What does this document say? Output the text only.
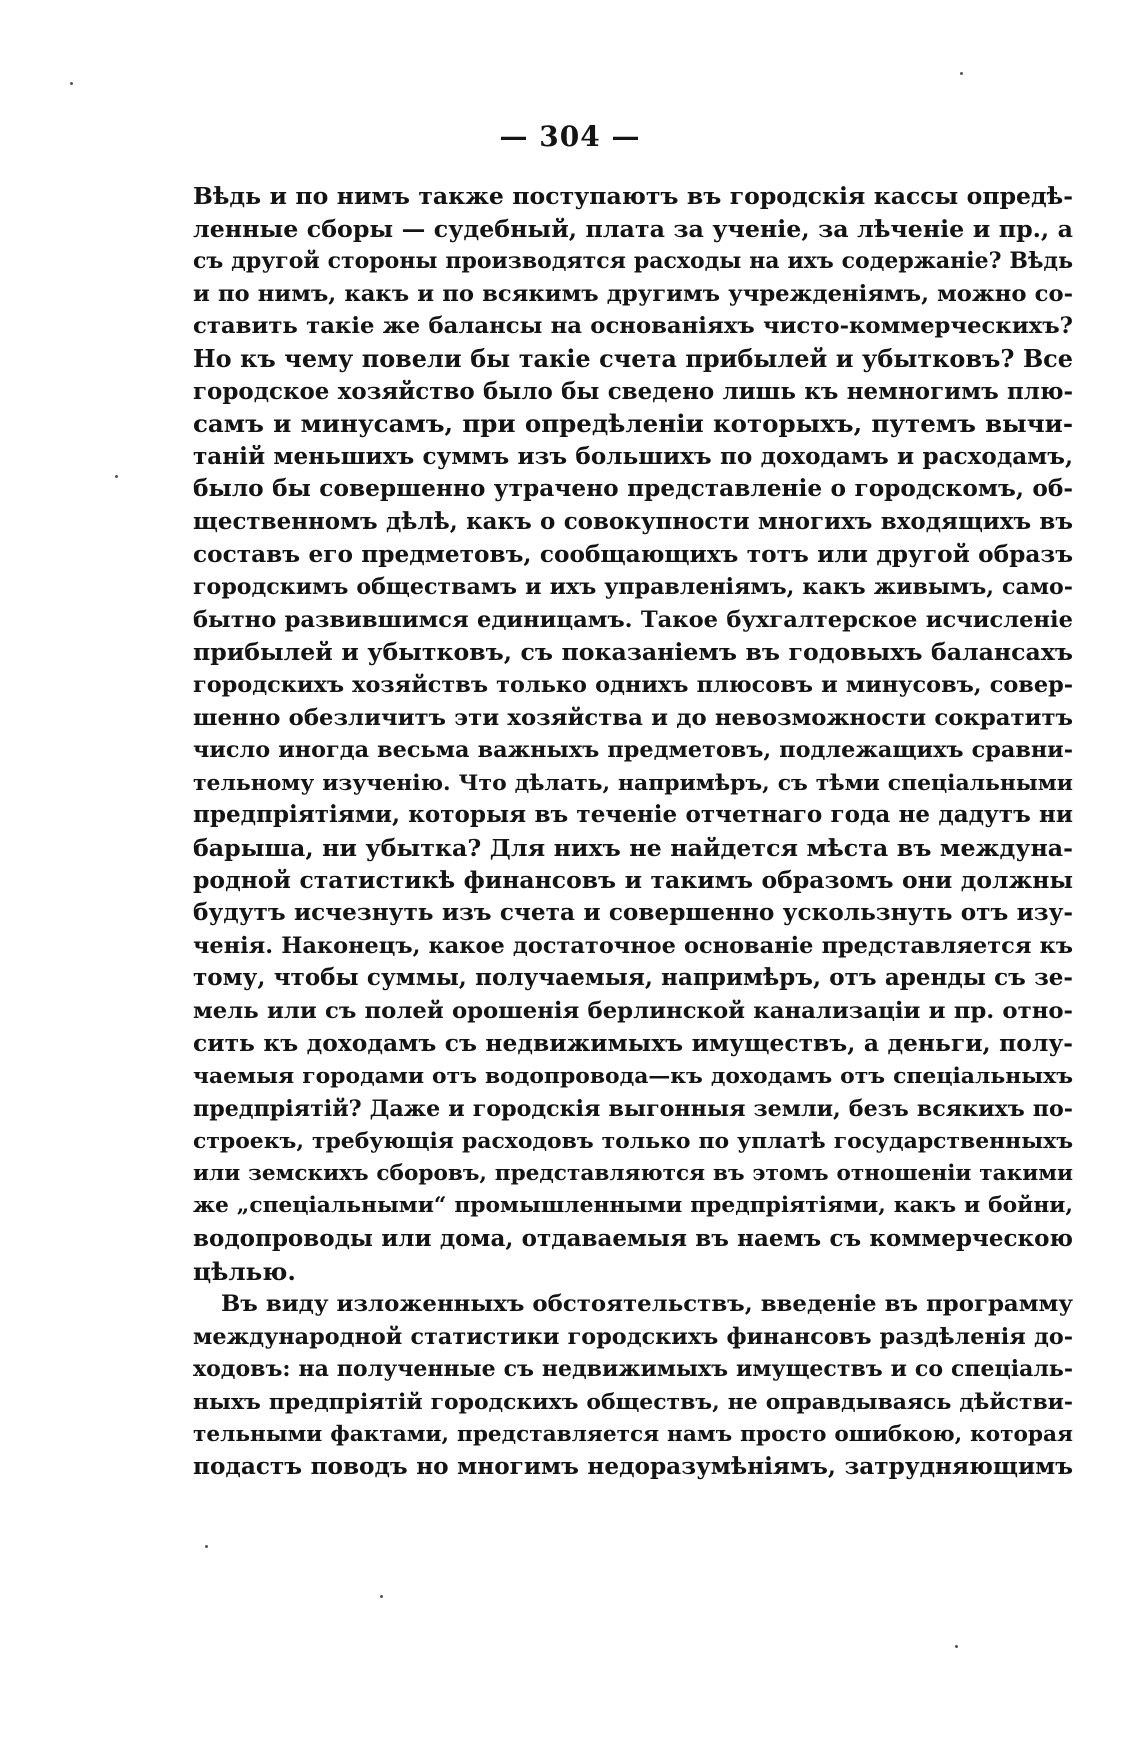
— 304 —
Вѣдь и по нимъ также поступаютъ въ городскія кассы опредѣ-
ленные сборы — судебный, плата за ученіе, за лѣченіе и пр., а
съ другой стороны производятся расходы на ихъ содержаніе? Вѣдь
и по нимъ, какъ и по всякимъ другимъ учрежденіямъ, можно со-
ставить такіе же балансы на основаніяхъ чисто-коммерческихъ?
Но къ чему повели бы такіе счета прибылей и убытковъ? Все
городское хозяйство было бы сведено лишь къ немногимъ плю-
самъ и минусамъ, при опредѣленіи которыхъ, путемъ вычи-
таній меньшихъ суммъ изъ большихъ по доходамъ и расходамъ,
было бы совершенно утрачено представленіе о городскомъ, об-
щественномъ дѣлѣ, какъ о совокупности многихъ входящихъ въ
составъ его предметовъ, сообщающихъ тотъ или другой образъ
городскимъ обществамъ и ихъ управленіямъ, какъ живымъ, само-
бытно развившимся единицамъ. Такое бухгалтерское исчисленіе
прибылей и убытковъ, съ показаніемъ въ годовыхъ балансахъ
городскихъ хозяйствъ только однихъ плюсовъ и минусовъ, совер-
шенно обезличитъ эти хозяйства и до невозможности сократитъ
число иногда весьма важныхъ предметовъ, подлежащихъ сравни-
тельному изученію. Что дѣлать, напримѣръ, съ тѣми спеціальными
предпріятіями, которыя въ теченіе отчетнаго года не дадутъ ни
барыша, ни убытка? Для нихъ не найдется мѣста въ междуна-
родной статистикѣ финансовъ и такимъ образомъ они должны
будутъ исчезнуть изъ счета и совершенно ускользнуть отъ изу-
ченія. Наконецъ, какое достаточное основаніе представляется къ
тому, чтобы суммы, получаемыя, напримѣръ, отъ аренды съ зе-
мель или съ полей орошенія берлинской канализаціи и пр. отно-
сить къ доходамъ съ недвижимыхъ имуществъ, а деньги, полу-
чаемыя городами отъ водопровода—къ доходамъ отъ спеціальныхъ
предпріятій? Даже и городскія выгонныя земли, безъ всякихъ по-
строекъ, требующія расходовъ только по уплатѣ государственныхъ
или земскихъ сборовъ, представляются въ этомъ отношеніи такими
же „спеціальными“ промышленными предпріятіями, какъ и бойни,
водопроводы или дома, отдаваемыя въ наемъ съ коммерческою
цѣлью.
Въ виду изложенныхъ обстоятельствъ, введеніе въ программу
международной статистики городскихъ финансовъ раздѣленія до-
ходовъ: на полученные съ недвижимыхъ имуществъ и со спеціаль-
ныхъ предпріятій городскихъ обществъ, не оправдываясь дѣйстви-
тельными фактами, представляется намъ просто ошибкою, которая
подастъ поводъ но многимъ недоразумѣніямъ, затрудняющимъ
